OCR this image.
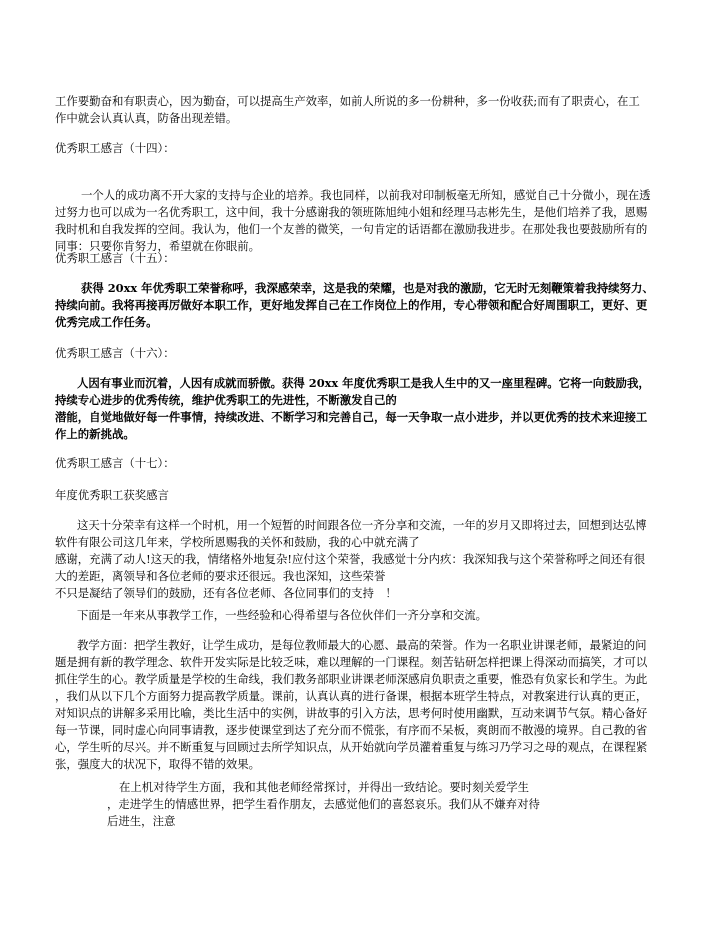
工作要勤奋和有职责心，因为勤奋，可以提高生产效率，如前人所说的多一份耕种，多一份收获;而有了职责心，在工
作中就会认真认真，防备出现差错。
优秀职工感言（十四）：
一个人的成功离不开大家的支持与企业的培养。我也同样，以前我对印制板毫无所知，感觉自己十分微小，现在透
过努力也可以成为一名优秀职工，这中间，我十分感谢我的领班陈旭纯小姐和经理马志彬先生，是他们培养了我，恩赐
我时机和自我发挥的空间。我认为，他们一个友善的微笑，一句肯定的话语都在激励我进步。在那处我也要鼓励所有的
同事：只要你肯努力，希望就在你眼前。
优秀职工感言（十五）：
获得 20xx 年优秀职工荣誉称呼，我深感荣幸，这是我的荣耀，也是对我的激励，它无时无刻鞭策着我持续努力、
持续向前。我将再接再厉做好本职工作，更好地发挥自己在工作岗位上的作用，专心带领和配合好周围职工，更好、更
优秀完成工作任务。
优秀职工感言（十六）：
人因有事业而沉着，人因有成就而骄傲。获得 20xx 年度优秀职工是我人生中的又一座里程碑。它将一向鼓励我，
持续专心进步的优秀传统，维护优秀职工的先进性，不断激发自己的
潜能，自觉地做好每一件事情，持续改进、不断学习和完善自己，每一天争取一点小进步，并以更优秀的技术来迎接工
作上的新挑战。
优秀职工感言（十七）：
年度优秀职工获奖感言
这天十分荣幸有这样一个时机，用一个短暂的时间跟各位一齐分享和交流，一年的岁月又即将过去，回想到达弘博
软件有限公司这几年来，学校所恩赐我的关怀和鼓励，我的心中就充满了
感谢，充满了动人!这天的我，情绪格外地复杂!应付这个荣誉，我感觉十分内疚：我深知我与这个荣誉称呼之间还有很
大的差距，离领导和各位老师的要求还很远。我也深知，这些荣誉
不只是凝结了领导们的鼓励，还有各位老师、各位同事们的支持　！
下面是一年来从事教学工作，一些经验和心得希望与各位伙伴们一齐分享和交流。
教学方面：把学生教好，让学生成功，是每位教师最大的心愿、最高的荣誉。作为一名职业讲课老师，最紧迫的问
题是拥有新的教学理念、软件开发实际是比较乏味，难以理解的一门课程。刻苦钻研怎样把课上得深动而搞笑，才可以
抓住学生的心。教学质量是学校的生命线，我们教务部职业讲课老师深感肩负职责之重要，惟恐有负家长和学生。为此
，我们从以下几个方面努力提高教学质量。课前，认真认真的进行备课，根据本班学生特点，对教案进行认真的更正，
对知识点的讲解多采用比喻，类比生活中的实例，讲故事的引入方法，思考何时使用幽默，互动来调节气氛。精心备好
每一节课，同时虚心向同事请教，逐步使课堂到达了充分而不慌张，有序而不呆板，爽朗而不散漫的境界。自己教的省
心，学生听的尽兴。并不断重复与回顾过去所学知识点，从开始就向学员灌着重复与练习乃学习之母的观点，在课程紧
张，强度大的状况下，取得不错的效果。
在上机对待学生方面，我和其他老师经常探讨，并得出一致结论。要时刻关爱学生
，走进学生的情感世界，把学生看作朋友，去感觉他们的喜怒哀乐。我们从不嫌弃对待
后进生，注意
